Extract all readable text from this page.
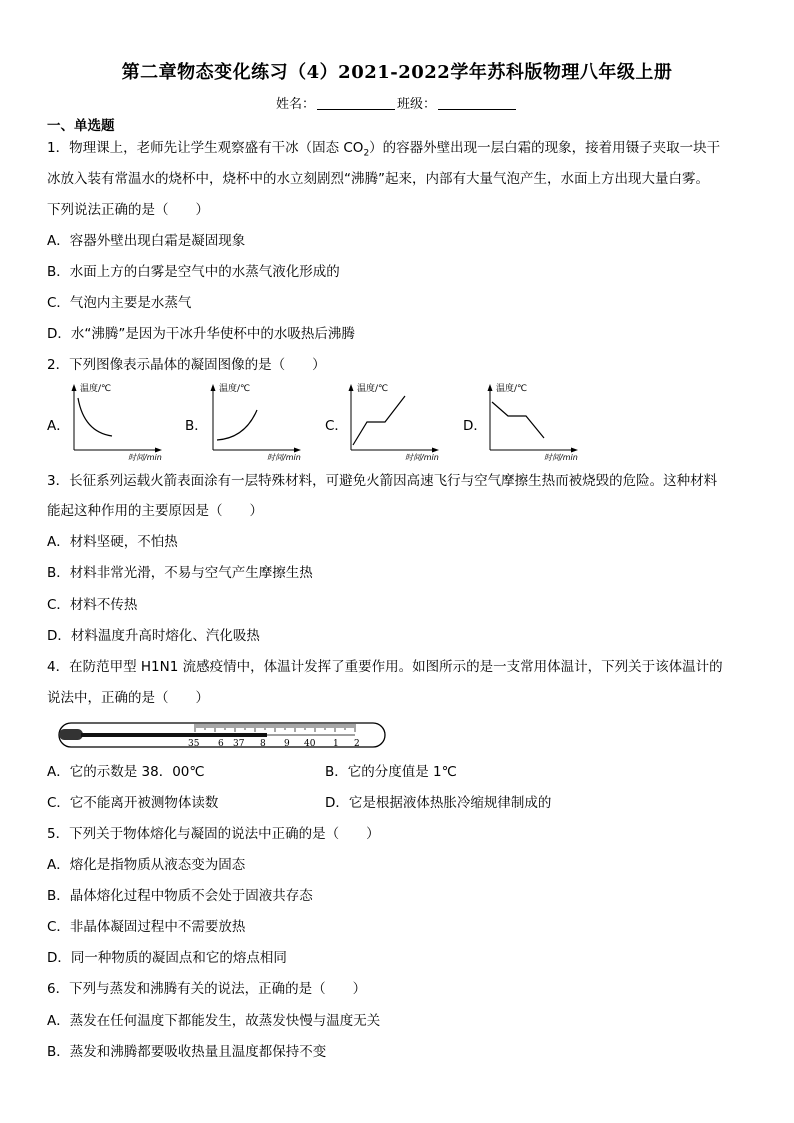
第二章物态变化练习（4）2021-2022学年苏科版物理八年级上册
姓名：	班级：
一、单选题
1．物理课上，老师先让学生观察盛有干冰（固态 $CO_2$）的容器外壁出现一层白霜的现象，接着用镊子夹取一块干
冰放入装有常温水的烧杯中，烧杯中的水立刻剧烈“沸腾”起来，内部有大量气泡产生，水面上方出现大量白雾。
下列说法正确的是（　　）
A．容器外壁出现白霜是凝固现象
B．水面上方的白雾是空气中的水蒸气液化形成的
C．气泡内主要是水蒸气
D．水“沸腾”是因为干冰升华使杯中的水吸热后沸腾
2．下列图像表示晶体的凝固图像的是（　　）
A．
温度/℃
时间/min
B．
温度/℃
时间/min
C．
温度/℃
时间/min
D．
温度/℃
时间/min
3．长征系列运载火箭表面涂有一层特殊材料，可避免火箭因高速飞行与空气摩擦生热而被烧毁的危险。这种材料
能起这种作用的主要原因是（　　）
A．材料坚硬，不怕热
B．材料非常光滑，不易与空气产生摩擦生热
C．材料不传热
D．材料温度升高时熔化、汽化吸热
4．在防范甲型 H1N1 流感疫情中，体温计发挥了重要作用。如图所示的是一支常用体温计，下列关于该体温计的
说法中，正确的是（　　）
35 6 37 8 9 40 1 2
A．它的示数是 38．00℃	B．它的分度值是 1℃
C．它不能离开被测物体读数	D．它是根据液体热胀冷缩规律制成的
5．下列关于物体熔化与凝固的说法中正确的是（　　）
A．熔化是指物质从液态变为固态
B．晶体熔化过程中物质不会处于固液共存态
C．非晶体凝固过程中不需要放热
D．同一种物质的凝固点和它的熔点相同
6．下列与蒸发和沸腾有关的说法，正确的是（　　）
A．蒸发在任何温度下都能发生，故蒸发快慢与温度无关
B．蒸发和沸腾都要吸收热量且温度都保持不变
